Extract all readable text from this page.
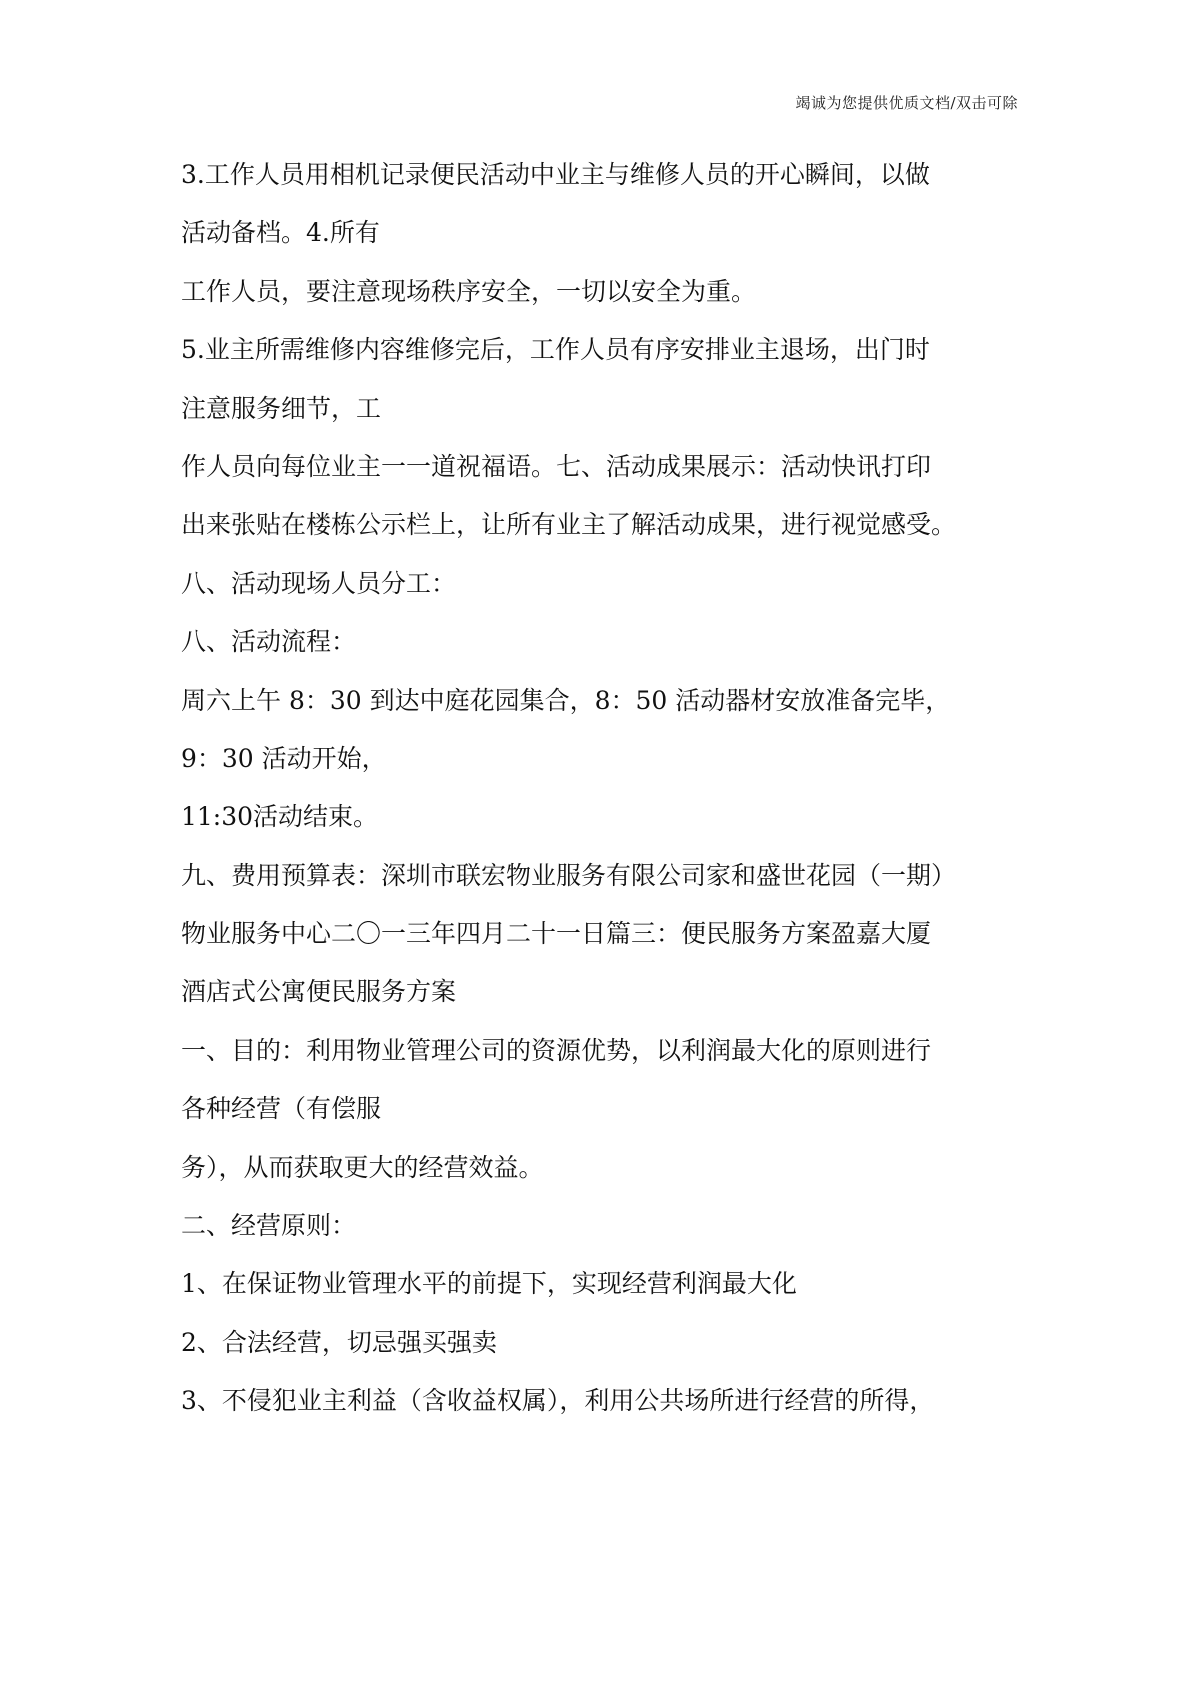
竭诚为您提供优质文档/双击可除
3.工作人员用相机记录便民活动中业主与维修人员的开心瞬间，以做
活动备档。4.所有
工作人员，要注意现场秩序安全，一切以安全为重。
5.业主所需维修内容维修完后，工作人员有序安排业主退场，出门时
注意服务细节，工
作人员向每位业主一一道祝福语。七、活动成果展示：活动快讯打印
出来张贴在楼栋公示栏上，让所有业主了解活动成果，进行视觉感受。
八、活动现场人员分工：
八、活动流程：
周六上午 8：30 到达中庭花园集合，8：50 活动器材安放准备完毕，
9：30 活动开始，
11:30活动结束。
九、费用预算表：深圳市联宏物业服务有限公司家和盛世花园（一期）
物业服务中心二〇一三年四月二十一日篇三：便民服务方案盈嘉大厦
酒店式公寓便民服务方案
一、目的：利用物业管理公司的资源优势，以利润最大化的原则进行
各种经营（有偿服
务），从而获取更大的经营效益。
二、经营原则：
1、在保证物业管理水平的前提下，实现经营利润最大化
2、合法经营，切忌强买强卖
3、不侵犯业主利益（含收益权属），利用公共场所进行经营的所得，
